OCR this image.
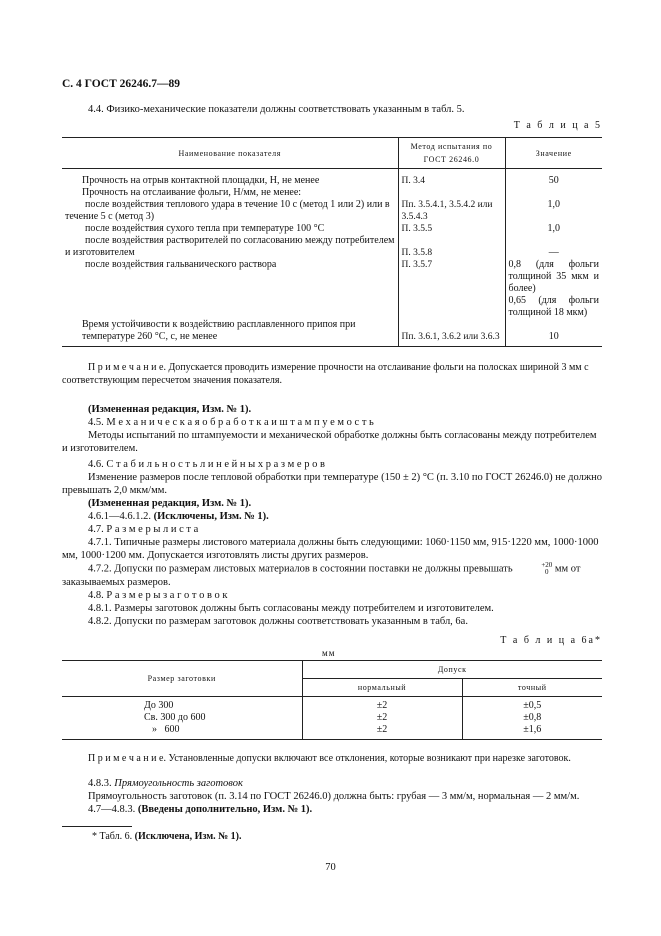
С. 4 ГОСТ 26246.7—89

4.4. Физико-механические показатели должны соответствовать указанным в табл. 5.

Т а б л и ц а 5
Наименование показателя	Метод испытания по ГОСТ 26246.0	Значение
Прочность на отрыв контактной площадки, Н, не менее	П. 3.4	50
Прочность на отслаивание фольги, Н/мм, не менее:		
после воздействия теплового удара в течение 10 с (метод 1 или 2) или в течение 5 с (метод 3)	Пп. 3.5.4.1, 3.5.4.2 или 3.5.4.3	1,0
после воздействия сухого тепла при температуре 100 °С	П. 3.5.5	1,0
после воздействия растворителей по согласованию между потребителем и изготовителем	П. 3.5.8	—
после воздействия гальванического раствора	П. 3.5.7	0,8 (для фольги толщиной 35 мкм и более)
0,65 (для фольги толщиной 18 мкм)
Время устойчивости к воздействию расплавленного припоя при температуре 260 °С, с, не менее	Пп. 3.6.1, 3.6.2 или 3.6.3	10

П р и м е ч а н и е. Допускается проводить измерение прочности на отслаивание фольги на полосках шириной 3 мм с соответствующим пересчетом значения показателя.

(Измененная редакция, Изм. № 1).

4.5. М е х а н и ч е с к а я о б р а б о т к а и ш т а м п у е м о с т ь

Методы испытаний по штампуемости и механической обработке должны быть согласованы между потребителем и изготовителем.

4.6. С т а б и л ь н о с т ь л и н е й н ы х р а з м е р о в

Изменение размеров после тепловой обработки при температуре (150 ± 2) °С (п. 3.10 по ГОСТ 26246.0) не должно превышать 2,0 мкм/мм.

(Измененная редакция, Изм. № 1).

4.6.1—4.6.1.2. (Исключены, Изм. № 1).

4.7. Р а з м е р ы л и с т а

4.7.1. Типичные размеры листового материала должны быть следующими: 1060·1150 мм, 915·1220 мм, 1000·1000 мм, 1000·1200 мм. Допускается изготовлять листы других размеров.

4.7.2. Допуски по размерам листовых материалов в состоянии поставки не должны превышать	+20
0 мм от заказываемых размеров.

4.8. Р а з м е р ы з а г о т о в о к

4.8.1. Размеры заготовок должны быть согласованы между потребителем и изготовителем.

4.8.2. Допуски по размерам заготовок должны соответствовать указанным в табл, 6а.

Т а б л и ц а 6а*
мм
Размер заготовки	Допуск	
	нормальный	точный
До 300	±2	±0,5
Св. 300 до 600	±2	±0,8
»   600	±2	±1,6

П р и м е ч а н и е. Установленные допуски включают все отклонения, которые возникают при нарезке заготовок.

4.8.3. Прямоугольность заготовок

Прямоугольность заготовок (п. 3.14 по ГОСТ 26246.0) должна быть: грубая — 3 мм/м, нормальная — 2 мм/м.

4.7—4.8.3. (Введены дополнительно, Изм. № 1).

* Табл. 6. (Исключена, Изм. № 1).

70
